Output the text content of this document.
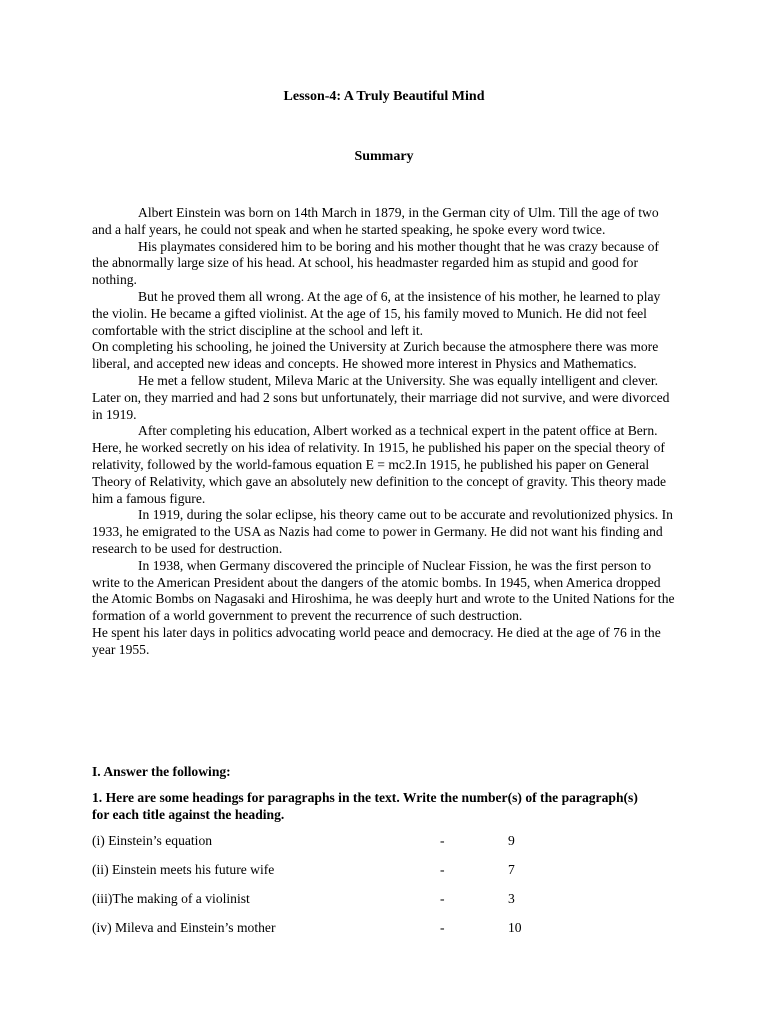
Lesson-4: A Truly Beautiful Mind
Summary

Albert Einstein was born on 14th March in 1879, in the German city of Ulm. Till the age of two and a half years, he could not speak and when he started speaking, he spoke every word twice.

His playmates considered him to be boring and his mother thought that he was crazy because of the abnormally large size of his head. At school, his headmaster regarded him as stupid and good for nothing.

But he proved them all wrong. At the age of 6, at the insistence of his mother, he learned to play the violin. He became a gifted violinist. At the age of 15, his family moved to Munich. He did not feel comfortable with the strict discipline at the school and left it.

On completing his schooling, he joined the University at Zurich because the atmosphere there was more liberal, and accepted new ideas and concepts. He showed more interest in Physics and Mathematics.

He met a fellow student, Mileva Maric at the University. She was equally intelligent and clever. Later on, they married and had 2 sons but unfortunately, their marriage did not survive, and were divorced in 1919.

After completing his education, Albert worked as a technical expert in the patent office at Bern. Here, he worked secretly on his idea of relativity. In 1915, he published his paper on the special theory of relativity, followed by the world-famous equation E = mc2.In 1915, he published his paper on General Theory of Relativity, which gave an absolutely new definition to the concept of gravity. This theory made him a famous figure.

In 1919, during the solar eclipse, his theory came out to be accurate and revolutionized physics. In 1933, he emigrated to the USA as Nazis had come to power in Germany. He did not want his finding and research to be used for destruction.

In 1938, when Germany discovered the principle of Nuclear Fission, he was the first person to write to the American President about the dangers of the atomic bombs. In 1945, when America dropped the Atomic Bombs on Nagasaki and Hiroshima, he was deeply hurt and wrote to the United Nations for the formation of a world government to prevent the recurrence of such destruction.

He spent his later days in politics advocating world peace and democracy. He died at the age of 76 in the year 1955.

I. Answer the following:
1. Here are some headings for paragraphs in the text. Write the number(s) of the paragraph(s) for each title against the heading.
(i) Einstein’s equation	-	9
(ii) Einstein meets his future wife	-	7
(iii)The making of a violinist	-	3
(iv) Mileva and Einstein’s mother	-	10
